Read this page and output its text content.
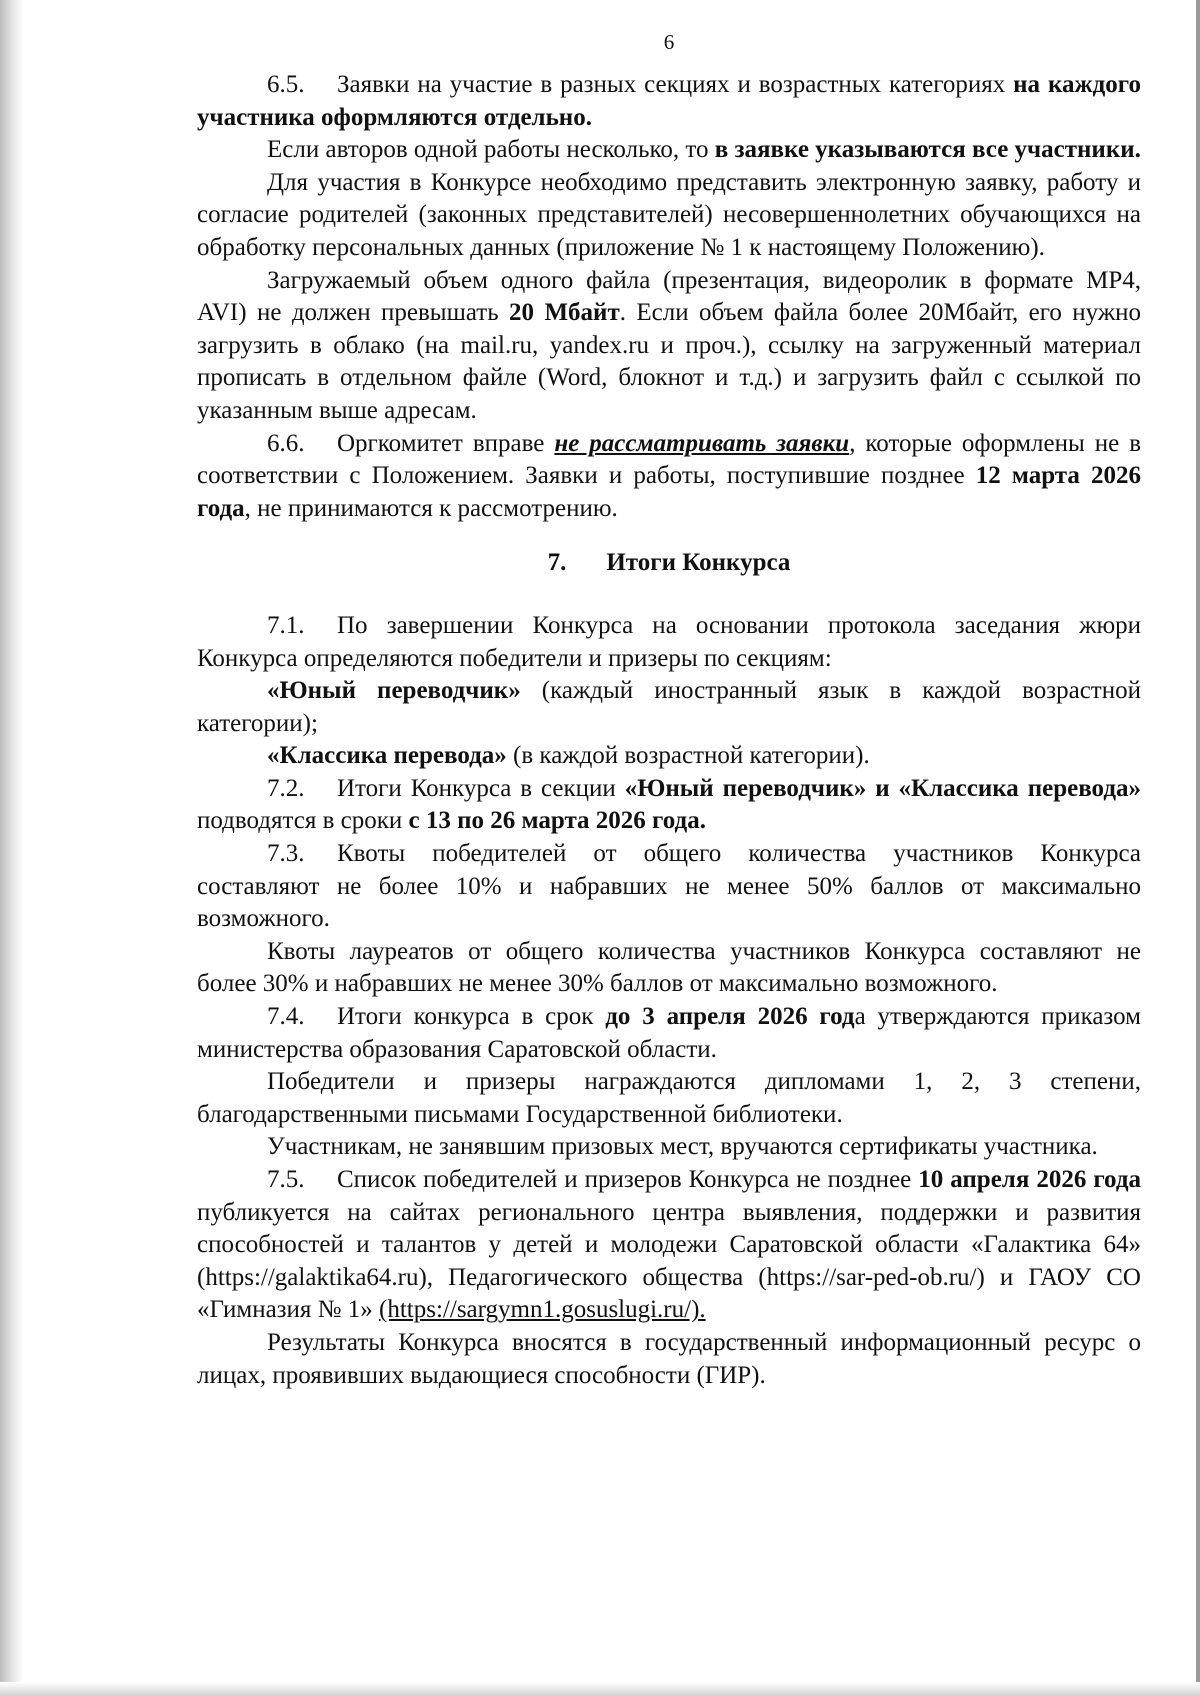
6

6.5. Заявки на участие в разных секциях и возрастных категориях на каждого участника оформляются отдельно.

Если авторов одной работы несколько, то в заявке указываются все участники.

Для участия в Конкурсе необходимо представить электронную заявку, работу и согласие родителей (законных представителей) несовершеннолетних обучающихся на обработку персональных данных (приложение № 1 к настоящему Положению).

Загружаемый объем одного файла (презентация, видеоролик в формате MP4, AVI) не должен превышать 20 Мбайт. Если объем файла более 20Мбайт, его нужно загрузить в облако (на mail.ru, yandex.ru и проч.), ссылку на загруженный материал прописать в отдельном файле (Word, блокнот и т.д.) и загрузить файл с ссылкой по указанным выше адресам.

6.6. Оргкомитет вправе не рассматривать заявки, которые оформлены не в соответствии с Положением. Заявки и работы, поступившие позднее 12 марта 2026 года, не принимаются к рассмотрению.

7. Итоги Конкурса

7.1. По завершении Конкурса на основании протокола заседания жюри Конкурса определяются победители и призеры по секциям:

«Юный переводчик» (каждый иностранный язык в каждой возрастной категории);

«Классика перевода» (в каждой возрастной категории).

7.2. Итоги Конкурса в секции «Юный переводчик» и «Классика перевода» подводятся в сроки с 13 по 26 марта 2026 года.

7.3. Квоты победителей от общего количества участников Конкурса составляют не более 10% и набравших не менее 50% баллов от максимально возможного.

Квоты лауреатов от общего количества участников Конкурса составляют не более 30% и набравших не менее 30% баллов от максимально возможного.

7.4. Итоги конкурса в срок до 3 апреля 2026 года утверждаются приказом министерства образования Саратовской области.

Победители и призеры награждаются дипломами 1, 2, 3 степени, благодарственными письмами Государственной библиотеки.

Участникам, не занявшим призовых мест, вручаются сертификаты участника.

7.5. Список победителей и призеров Конкурса не позднее 10 апреля 2026 года публикуется на сайтах регионального центра выявления, поддержки и развития способностей и талантов у детей и молодежи Саратовской области «Галактика 64» (https://galaktika64.ru), Педагогического общества (https://sar-ped-ob.ru/) и ГАОУ СО «Гимназия № 1» (https://sargymn1.gosuslugi.ru/).

Результаты Конкурса вносятся в государственный информационный ресурс о лицах, проявивших выдающиеся способности (ГИР).
